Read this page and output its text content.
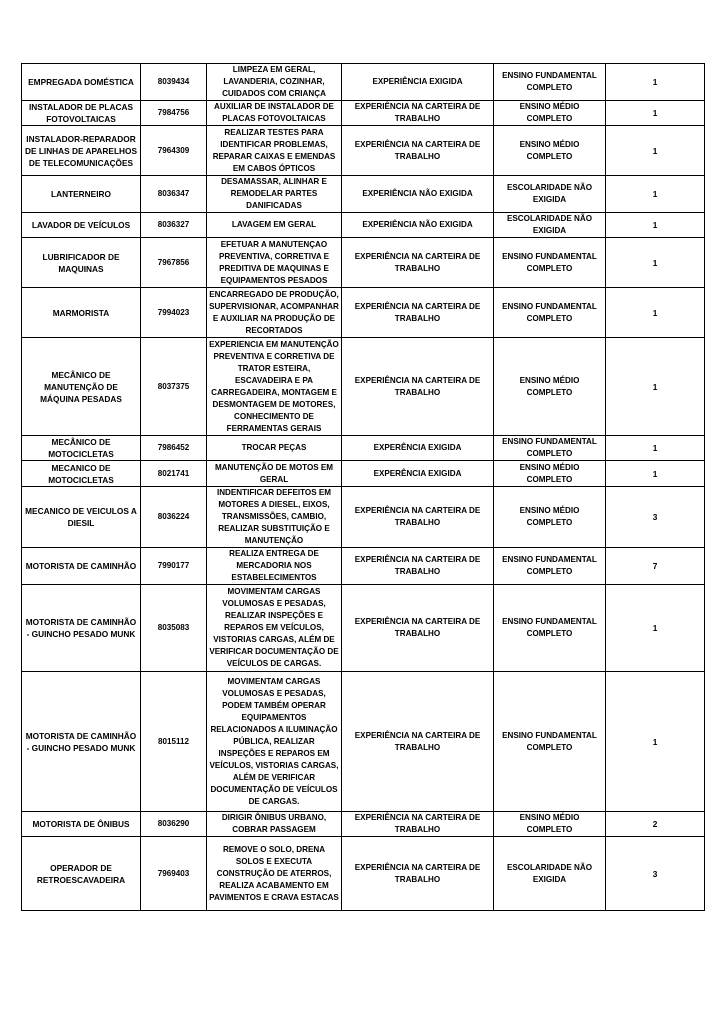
EMPREGADA DOMÉSTICA	8039434	LIMPEZA EM GERAL, LAVANDERIA, COZINHAR, CUIDADOS COM CRIANÇA	EXPERIÊNCIA EXIGIDA	ENSINO FUNDAMENTAL COMPLETO	1
INSTALADOR DE PLACAS FOTOVOLTAICAS	7984756	AUXILIAR DE INSTALADOR DE PLACAS FOTOVOLTAICAS	EXPERIÊNCIA NA CARTEIRA DE TRABALHO	ENSINO MÉDIO COMPLETO	1
INSTALADOR-REPARADOR DE LINHAS DE APARELHOS DE TELECOMUNICAÇÕES	7964309	REALIZAR TESTES PARA IDENTIFICAR PROBLEMAS, REPARAR CAIXAS E EMENDAS EM CABOS ÓPTICOS	EXPERIÊNCIA NA CARTEIRA DE TRABALHO	ENSINO MÉDIO COMPLETO	1
LANTERNEIRO	8036347	DESAMASSAR, ALINHAR E REMODELAR PARTES DANIFICADAS	EXPERIÊNCIA NÃO EXIGIDA	ESCOLARIDADE NÃO EXIGIDA	1
LAVADOR DE VEÍCULOS	8036327	LAVAGEM EM GERAL	EXPERIÊNCIA NÃO EXIGIDA	ESCOLARIDADE NÃO EXIGIDA	1
LUBRIFICADOR DE MAQUINAS	7967856	EFETUAR A MANUTENÇAO PREVENTIVA, CORRETIVA E PREDITIVA DE MAQUINAS E EQUIPAMENTOS PESADOS	EXPERIÊNCIA NA CARTEIRA DE TRABALHO	ENSINO FUNDAMENTAL COMPLETO	1
MARMORISTA	7994023	ENCARREGADO DE PRODUÇÃO, SUPERVISIONAR, ACOMPANHAR E AUXILIAR NA PRODUÇÃO DE RECORTADOS	EXPERIÊNCIA NA CARTEIRA DE TRABALHO	ENSINO FUNDAMENTAL COMPLETO	1
MECÂNICO DE MANUTENÇÃO DE MÁQUINA PESADAS	8037375	EXPERIENCIA EM MANUTENÇÃO PREVENTIVA E CORRETIVA DE TRATOR ESTEIRA, ESCAVADEIRA E PA CARREGADEIRA, MONTAGEM E DESMONTAGEM DE MOTORES, CONHECIMENTO DE FERRAMENTAS GERAIS	EXPERIÊNCIA NA CARTEIRA DE TRABALHO	ENSINO MÉDIO COMPLETO	1
MECÂNICO DE MOTOCICLETAS	7986452	TROCAR PEÇAS	EXPERÊNCIA EXIGIDA	ENSINO FUNDAMENTAL COMPLETO	1
MECANICO DE MOTOCICLETAS	8021741	MANUTENÇÃO DE MOTOS EM GERAL	EXPERÊNCIA EXIGIDA	ENSINO MÉDIO COMPLETO	1
MECANICO DE VEICULOS A DIESIL	8036224	INDENTIFICAR DEFEITOS EM MOTORES A DIESEL, EIXOS, TRANSMISSÕES, CAMBIO, REALIZAR SUBSTITUIÇÃO E MANUTENÇÃO	EXPERIÊNCIA NA CARTEIRA DE TRABALHO	ENSINO MÉDIO COMPLETO	3
MOTORISTA DE CAMINHÃO	7990177	REALIZA ENTREGA DE MERCADORIA NOS ESTABELECIMENTOS	EXPERIÊNCIA NA CARTEIRA DE TRABALHO	ENSINO FUNDAMENTAL COMPLETO	7
MOTORISTA DE CAMINHÃO - GUINCHO PESADO MUNK	8035083	MOVIMENTAM CARGAS VOLUMOSAS E PESADAS, REALIZAR INSPEÇÕES E REPAROS EM VEÍCULOS, VISTORIAS CARGAS, ALÉM DE VERIFICAR DOCUMENTAÇÃO DE VEÍCULOS DE CARGAS.	EXPERIÊNCIA NA CARTEIRA DE TRABALHO	ENSINO FUNDAMENTAL COMPLETO	1
MOTORISTA DE CAMINHÃO - GUINCHO PESADO MUNK	8015112	MOVIMENTAM CARGAS VOLUMOSAS E PESADAS, PODEM TAMBÉM OPERAR EQUIPAMENTOS RELACIONADOS A ILUMINAÇÃO PÚBLICA, REALIZAR INSPEÇÕES E REPAROS EM VEÍCULOS, VISTORIAS CARGAS, ALÉM DE VERIFICAR DOCUMENTAÇÃO DE VEÍCULOS DE CARGAS.	EXPERIÊNCIA NA CARTEIRA DE TRABALHO	ENSINO FUNDAMENTAL COMPLETO	1
MOTORISTA DE ÔNIBUS	8036290	DIRIGIR ÔNIBUS URBANO, COBRAR PASSAGEM	EXPERIÊNCIA NA CARTEIRA DE TRABALHO	ENSINO MÉDIO COMPLETO	2
OPERADOR DE RETROESCAVADEIRA	7969403	REMOVE O SOLO, DRENA SOLOS E EXECUTA CONSTRUÇÃO DE ATERROS, REALIZA ACABAMENTO EM PAVIMENTOS E CRAVA ESTACAS	EXPERIÊNCIA NA CARTEIRA DE TRABALHO	ESCOLARIDADE NÃO EXIGIDA	3
